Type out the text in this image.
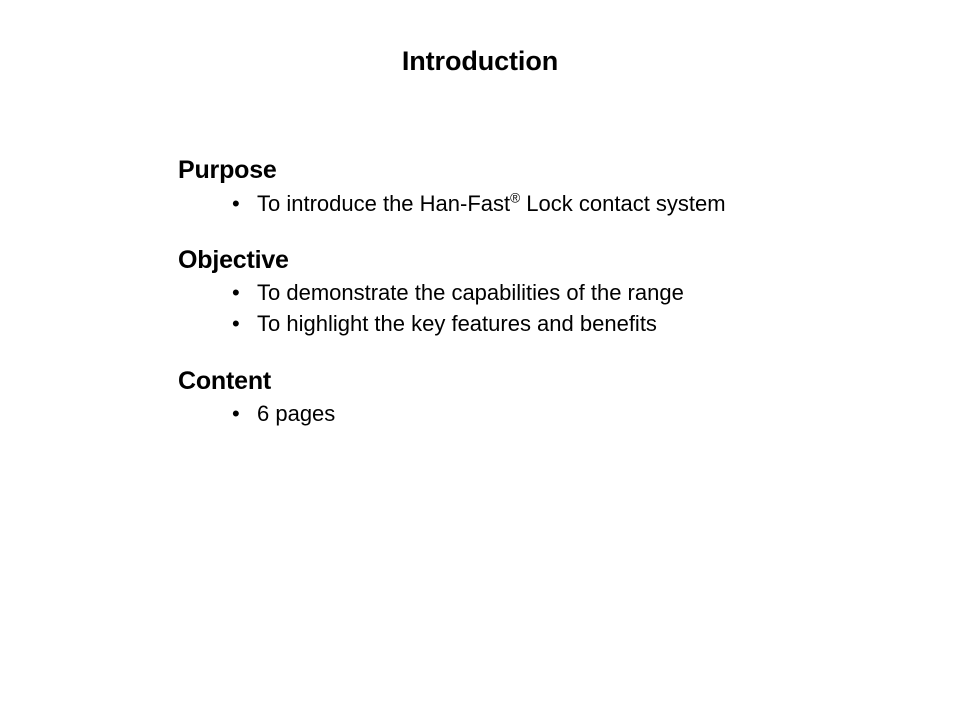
Introduction
Purpose
• To introduce the Han-Fast® Lock contact system
Objective
• To demonstrate the capabilities of the range
• To highlight the key features and benefits
Content
• 6 pages
